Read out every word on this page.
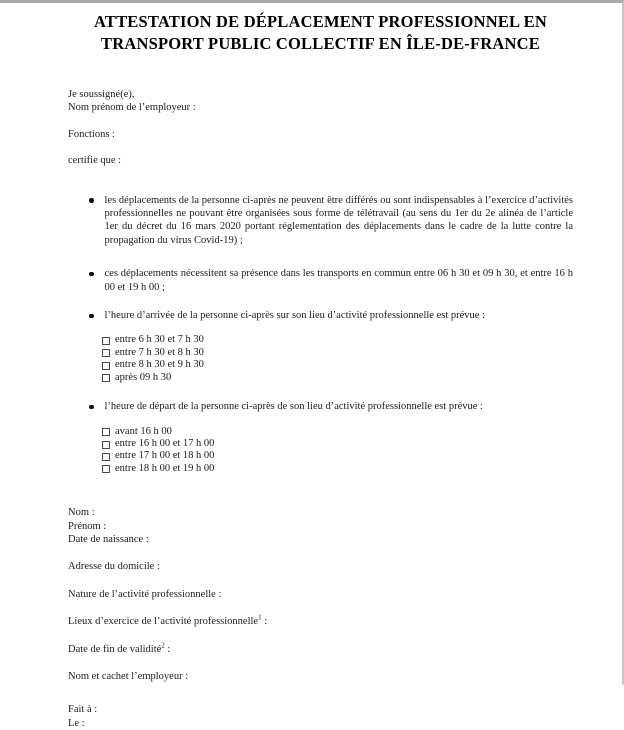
ATTESTATION DE DÉPLACEMENT PROFESSIONNEL EN
TRANSPORT PUBLIC COLLECTIF EN ÎLE-DE-FRANCE

Je soussigné(e),
Nom prénom de l’employeur :

Fonctions :

certifie que :

les déplacements de la personne ci-après ne peuvent être différés ou sont indispensables à l’exercice d’activités  professionnelles ne pouvant être organisées sous forme de télétravail (au sens du 1er du 2e alinéa de l’article 1er du décret du 16 mars 2020 portant réglementation des déplacements dans le cadre de la lutte contre la propagation du virus Covid-19) ;
ces déplacements nécessitent sa présence dans les transports en commun entre 06 h 30 et 09 h 30, et entre 16 h 00 et 19 h 00 ;
l’heure d’arrivée de la personne ci-après sur son lieu d’activité professionnelle est prévue :
entre 6 h 30 et 7 h 30
entre 7 h 30 et 8 h 30
entre 8 h 30 et 9 h 30
après 09 h 30
l’heure de départ de la personne ci-après de son lieu d’activité professionnelle est prévue :
avant 16 h 00
entre 16 h 00 et 17 h 00
entre 17 h 00 et 18 h 00
entre 18 h 00 et 19 h 00

Nom :
Prénom :
Date de naissance :

Adresse du domicile :

Nature de l’activité professionnelle :

Lieux d’exercice de l’activité professionnelle$^1$ :

Date de fin de validité$^2$ :

Nom et cachet l’employeur :

Fait à :
Le :
